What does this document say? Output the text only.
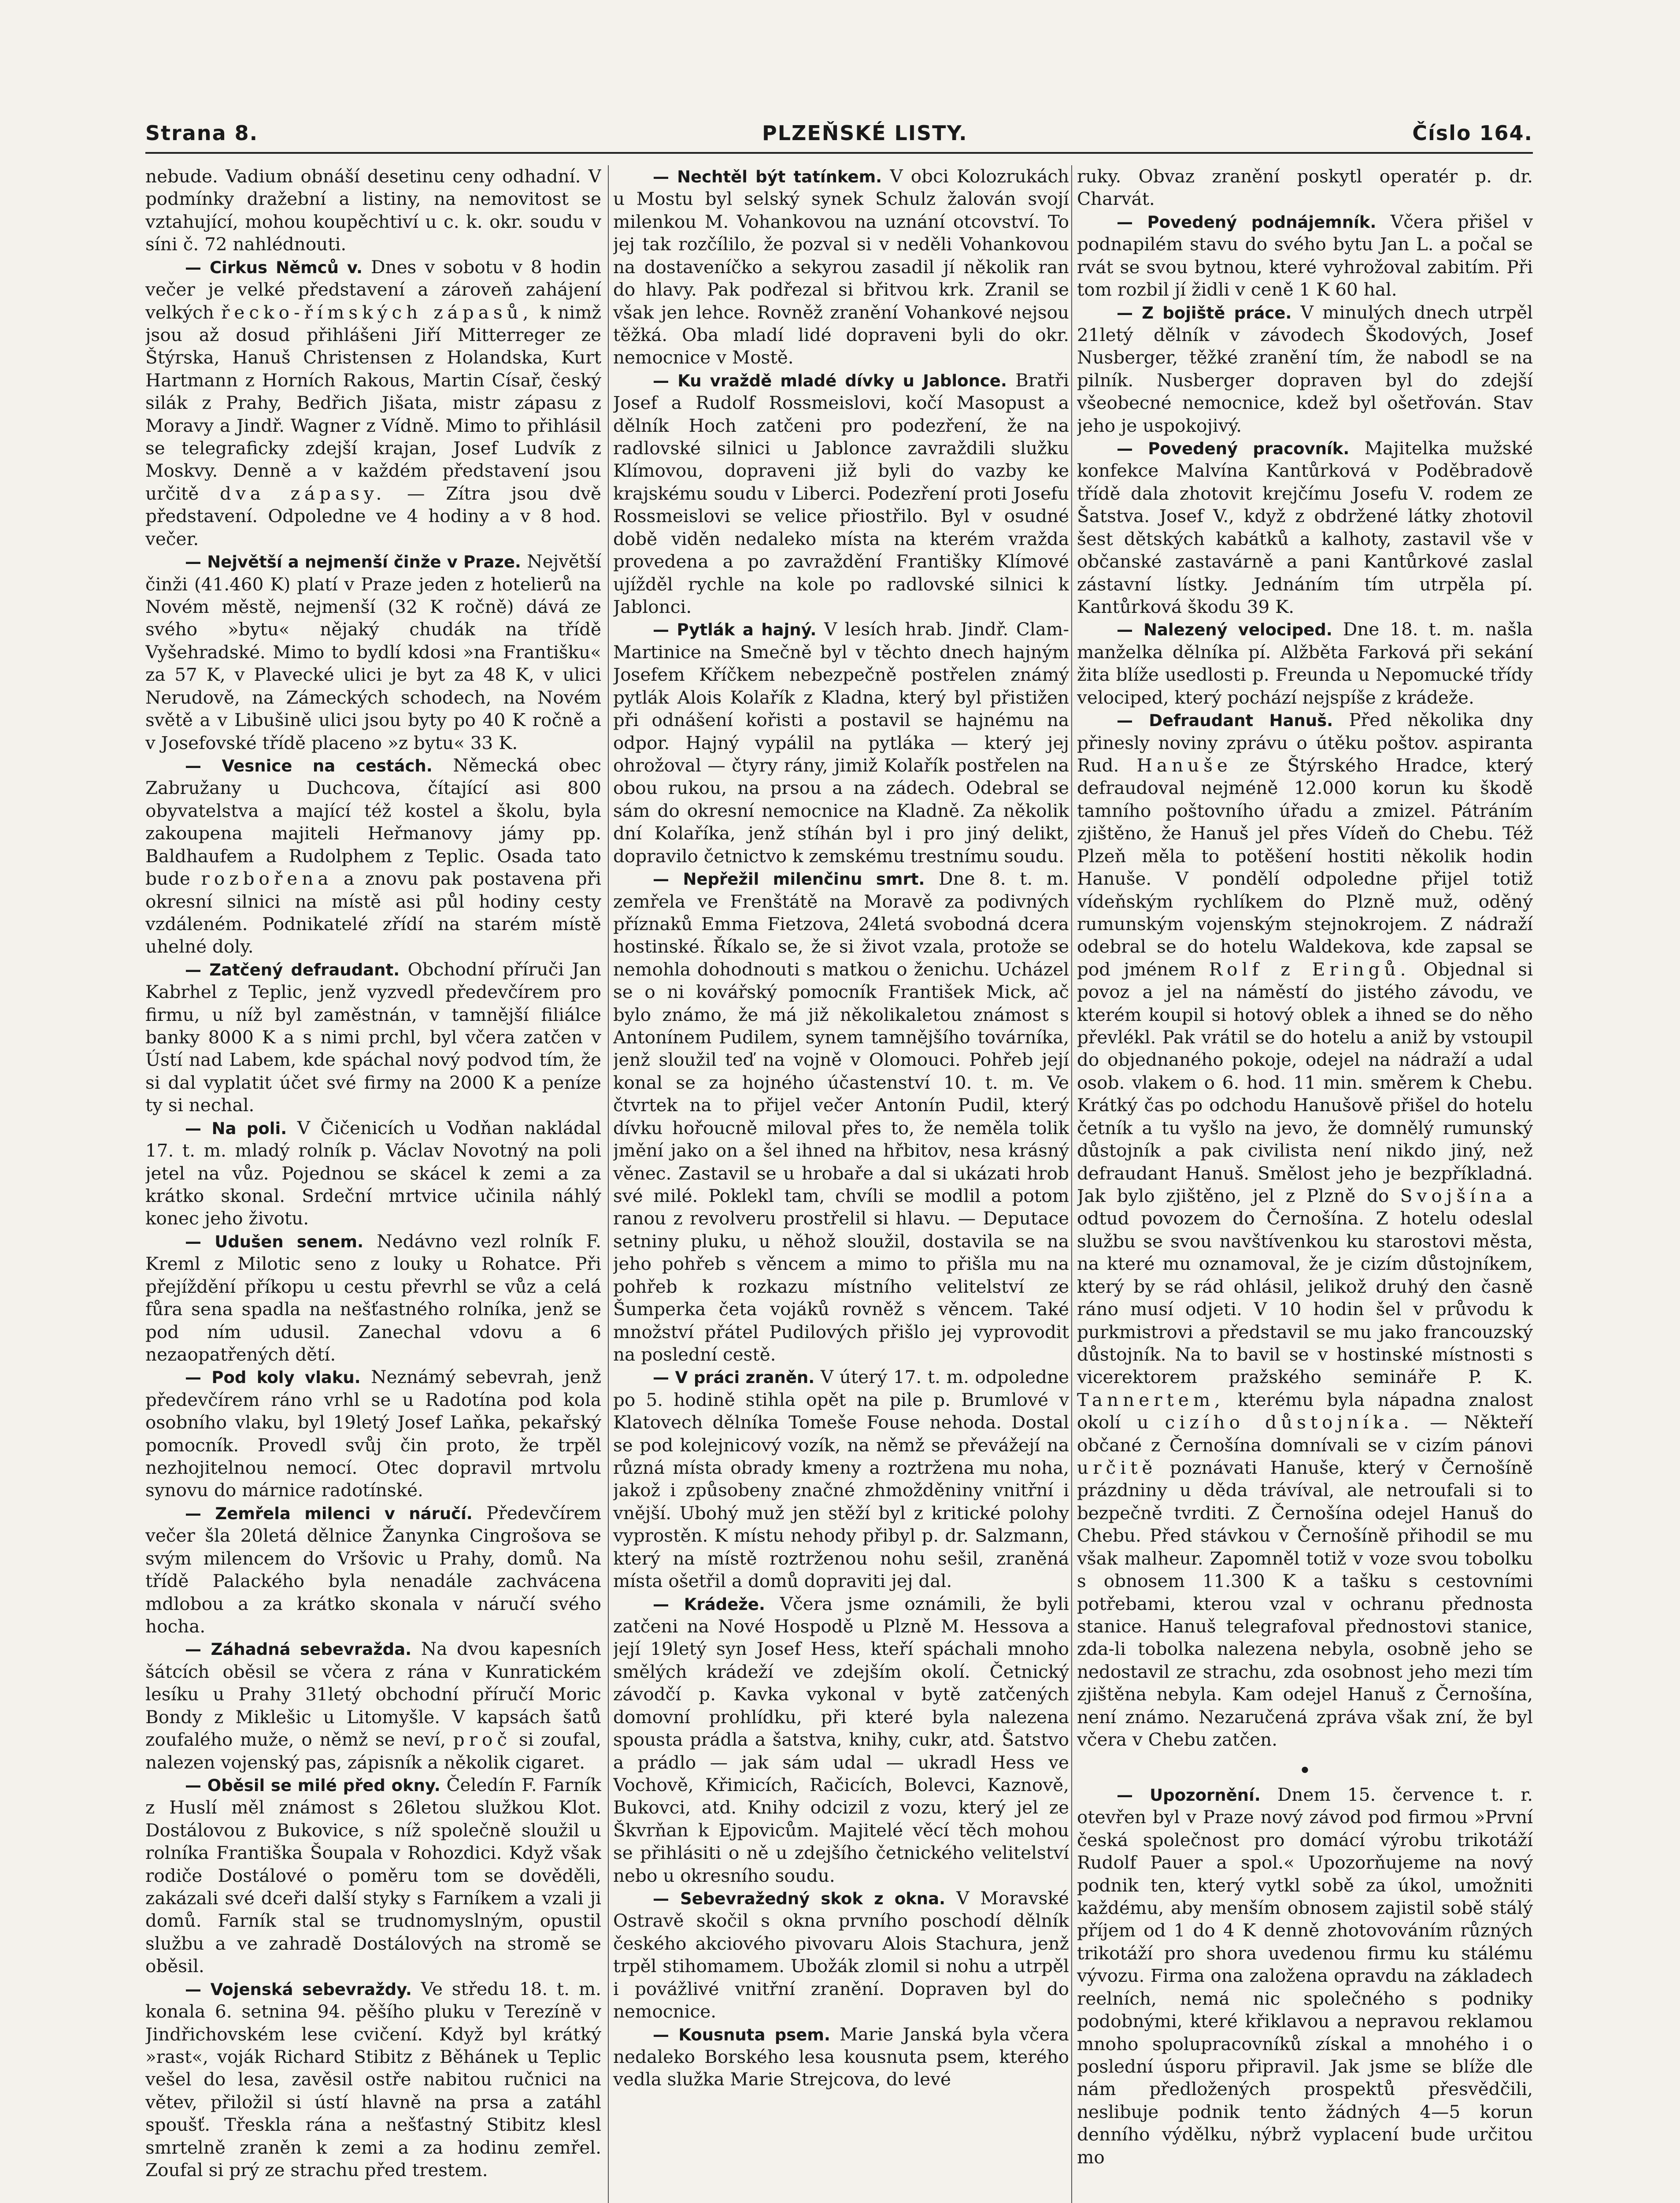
Strana 8.	PLZEŇSKÉ LISTY.	Číslo 164.

nebude. Vadium obnáší desetinu ceny odhadní. V podmínky dražební a listiny, na nemovitost se vztahující, mohou koupěchtiví u c. k. okr. soudu v síni č. 72 nahlédnouti.

— Cirkus Němců v. Dnes v sobotu v 8 hodin večer je velké představení a zároveň zahájení velkých řecko-římských zápasů, k nimž jsou až dosud přihlášeni Jiří Mitterreger ze Štýrska, Hanuš Christensen z Holandska, Kurt Hartmann z Horních Rakous, Martin Císař, český silák z Prahy, Bedřich Jišata, mistr zápasu z Moravy a Jindř. Wagner z Vídně. Mimo to přihlásil se telegraficky zdejší krajan, Josef Ludvík z Moskvy. Denně a v každém představení jsou určitě dva zápasy. — Zítra jsou dvě představení. Odpoledne ve 4 hodiny a v 8 hod. večer.

— Největší a nejmenší činže v Praze. Největší činži (41.460 K) platí v Praze jeden z hotelierů na Novém městě, nejmenší (32 K ročně) dává ze svého »bytu« nějaký chudák na třídě Vyšehradské. Mimo to bydlí kdosi »na Františku« za 57 K, v Plavecké ulici je byt za 48 K, v ulici Nerudově, na Zámeckých schodech, na Novém světě a v Libušině ulici jsou byty po 40 K ročně a v Josefovské třídě placeno »z bytu« 33 K.

— Vesnice na cestách. Německá obec Zabružany u Duchcova, čítající asi 800 obyvatelstva a mající též kostel a školu, byla zakoupena majiteli Heřmanovy jámy pp. Baldhaufem a Rudolphem z Teplic. Osada tato bude rozbořena a znovu pak postavena při okresní silnici na místě asi půl hodiny cesty vzdáleném. Podnikatelé zřídí na starém místě uhelné doly.

— Zatčený defraudant. Obchodní příruči Jan Kabrhel z Teplic, jenž vyzvedl předevčírem pro firmu, u níž byl zaměstnán, v tamnější filiálce banky 8000 K a s nimi prchl, byl včera zatčen v Ústí nad Labem, kde spáchal nový podvod tím, že si dal vyplatit účet své firmy na 2000 K a peníze ty si nechal.

— Na poli. V Čičenicích u Vodňan nakládal 17. t. m. mladý rolník p. Václav Novotný na poli jetel na vůz. Pojednou se skácel k zemi a za krátko skonal. Srdeční mrtvice učinila náhlý konec jeho životu.

— Udušen senem. Nedávno vezl rolník F. Kreml z Milotic seno z louky u Rohatce. Při přejíždění příkopu u cestu převrhl se vůz a celá fůra sena spadla na nešťastného rolníka, jenž se pod ním udusil. Zanechal vdovu a 6 nezaopatřených dětí.

— Pod koly vlaku. Neznámý sebevrah, jenž předevčírem ráno vrhl se u Radotína pod kola osobního vlaku, byl 19letý Josef Laňka, pekařský pomocník. Provedl svůj čin proto, že trpěl nezhojitelnou nemocí. Otec dopravil mrtvolu synovu do márnice radotínské.

— Zemřela milenci v náručí. Předevčírem večer šla 20letá dělnice Žanynka Cingrošova se svým milencem do Vršovic u Prahy, domů. Na třídě Palackého byla nenadále zachvácena mdlobou a za krátko skonala v náručí svého hocha.

— Záhadná sebevražda. Na dvou kapesních šátcích oběsil se včera z rána v Kunratickém lesíku u Prahy 31letý obchodní příručí Moric Bondy z Miklešic u Litomyšle. V kapsách šatů zoufalého muže, o němž se neví, proč si zoufal, nalezen vojenský pas, zápisník a několik cigaret.

— Oběsil se milé před okny. Čeledín F. Farník z Huslí měl známost s 26letou služkou Klot. Dostálovou z Bukovice, s níž společně sloužil u rolníka Františka Šoupala v Rohozdici. Když však rodiče Dostálové o poměru tom se dověděli, zakázali své dceři další styky s Farníkem a vzali ji domů. Farník stal se trudnomyslným, opustil službu a ve zahradě Dostálových na stromě se oběsil.

— Vojenská sebevraždy. Ve středu 18. t. m. konala 6. setnina 94. pěšího pluku v Terezíně v Jindřichovském lese cvičení. Když byl krátký »rast«, voják Richard Stibitz z Běhánek u Teplic vešel do lesa, zavěsil ostře nabitou ručnici na větev, přiložil si ústí hlavně na prsa a zatáhl spoušť. Třeskla rána a nešťastný Stibitz klesl smrtelně zraněn k zemi a za hodinu zemřel. Zoufal si prý ze strachu před trestem.

— Nechtěl být tatínkem. V obci Kolozrukách u Mostu byl selský synek Schulz žalován svojí milenkou M. Vohankovou na uznání otcovství. To jej tak rozčílilo, že pozval si v neděli Vohankovou na dostaveníčko a sekyrou zasadil jí několik ran do hlavy. Pak podřezal si břitvou krk. Zranil se však jen lehce. Rovněž zranění Vohankové nejsou těžká. Oba mladí lidé dopraveni byli do okr. nemocnice v Mostě.

— Ku vraždě mladé dívky u Jablonce. Bratři Josef a Rudolf Rossmeislovi, kočí Masopust a dělník Hoch zatčeni pro podezření, že na radlovské silnici u Jablonce zavraždili služku Klímovou, dopraveni již byli do vazby ke krajskému soudu v Liberci. Podezření proti Josefu Rossmeislovi se velice přiostřilo. Byl v osudné době viděn nedaleko místa na kterém vražda provedena a po zavraždění Františky Klímové ujížděl rychle na kole po radlovské silnici k Jablonci.

— Pytlák a hajný. V lesích hrab. Jindř. Clam-Martinice na Smečně byl v těchto dnech hajným Josefem Kříčkem nebezpečně postřelen známý pytlák Alois Kolařík z Kladna, který byl přistižen při odnášení kořisti a postavil se hajnému na odpor. Hajný vypálil na pytláka — který jej ohrožoval — čtyry rány, jimiž Kolařík postřelen na obou rukou, na prsou a na zádech. Odebral se sám do okresní nemocnice na Kladně. Za několik dní Kolaříka, jenž stíhán byl i pro jiný delikt, dopravilo četnictvo k zemskému trestnímu soudu.

— Nepřežil milenčinu smrt. Dne 8. t. m. zemřela ve Frenštátě na Moravě za podivných příznaků Emma Fietzova, 24letá svobodná dcera hostinské. Říkalo se, že si život vzala, protože se nemohla dohodnouti s matkou o ženichu. Ucházel se o ni kovářský pomocník František Mick, ač bylo známo, že má již několikaletou známost s Antonínem Pudilem, synem tamnějšího továrníka, jenž sloužil teď na vojně v Olomouci. Pohřeb její konal se za hojného účastenství 10. t. m. Ve čtvrtek na to přijel večer Antonín Pudil, který dívku hořoucně miloval přes to, že neměla tolik jmění jako on a šel ihned na hřbitov, nesa krásný věnec. Zastavil se u hrobaře a dal si ukázati hrob své milé. Poklekl tam, chvíli se modlil a potom ranou z revolveru prostřelil si hlavu. — Deputace setniny pluku, u něhož sloužil, dostavila se na jeho pohřeb s věncem a mimo to přišla mu na pohřeb k rozkazu místního velitelství ze Šumperka četa vojáků rovněž s věncem. Také množství přátel Pudilových přišlo jej vyprovodit na poslední cestě.

— V práci zraněn. V úterý 17. t. m. odpoledne po 5. hodině stihla opět na pile p. Brumlové v Klatovech dělníka Tomeše Fouse nehoda. Dostal se pod kolejnicový vozík, na němž se převážejí na různá místa obrady kmeny a roztržena mu noha, jakož i způsobeny značné zhmožděniny vnitřní i vnější. Ubohý muž jen stěží byl z kritické polohy vyprostěn. K místu nehody přibyl p. dr. Salzmann, který na místě roztrženou nohu sešil, zraněná místa ošetřil a domů dopraviti jej dal.

— Krádeže. Včera jsme oznámili, že byli zatčeni na Nové Hospodě u Plzně M. Hessova a její 19letý syn Josef Hess, kteří spáchali mnoho smělých krádeží ve zdejším okolí. Četnický závodčí p. Kavka vykonal v bytě zatčených domovní prohlídku, při které byla nalezena spousta prádla a šatstva, knihy, cukr, atd. Šatstvo a prádlo — jak sám udal — ukradl Hess ve Vochově, Křimicích, Račicích, Bolevci, Kaznově, Bukovci, atd. Knihy odcizil z vozu, který jel ze Škvrňan k Ejpovicům. Majitelé věcí těch mohou se přihlásiti o ně u zdejšího četnického velitelství nebo u okresního soudu.

— Sebevražedný skok z okna. V Moravské Ostravě skočil s okna prvního poschodí dělník českého akciového pivovaru Alois Stachura, jenž trpěl stihomamem. Ubožák zlomil si nohu a utrpěl i povážlivé vnitřní zranění. Dopraven byl do nemocnice.

— Kousnuta psem. Marie Janská byla včera nedaleko Borského lesa kousnuta psem, kterého vedla služka Marie Strejcova, do levé

ruky. Obvaz zranění poskytl operatér p. dr. Charvát.

— Povedený podnájemník. Včera přišel v podnapilém stavu do svého bytu Jan L. a počal se rvát se svou bytnou, které vyhrožoval zabitím. Při tom rozbil jí židli v ceně 1 K 60 hal.

— Z bojiště práce. V minulých dnech utrpěl 21letý dělník v závodech Škodových, Josef Nusberger, těžké zranění tím, že nabodl se na pilník. Nusberger dopraven byl do zdejší všeobecné nemocnice, kdež byl ošetřován. Stav jeho je uspokojivý.

— Povedený pracovník. Majitelka mužské konfekce Malvína Kantůrková v Poděbradově třídě dala zhotovit krejčímu Josefu V. rodem ze Šatstva. Josef V., když z obdržené látky zhotovil šest dětských kabátků a kalhoty, zastavil vše v občanské zastavárně a pani Kantůrkové zaslal zástavní lístky. Jednáním tím utrpěla pí. Kantůrková škodu 39 K.

— Nalezený velociped. Dne 18. t. m. našla manželka dělníka pí. Alžběta Farková při sekání žita blíže usedlosti p. Freunda u Nepomucké třídy velociped, který pochází nejspíše z krádeže.

— Defraudant Hanuš. Před několika dny přinesly noviny zprávu o útěku poštov. aspiranta Rud. Hanuše ze Štýrského Hradce, který defraudoval nejméně 12.000 korun ku škodě tamního poštovního úřadu a zmizel. Pátráním zjištěno, že Hanuš jel přes Vídeň do Chebu. Též Plzeň měla to potěšení hostiti několik hodin Hanuše. V pondělí odpoledne přijel totiž vídeňským rychlíkem do Plzně muž, oděný rumunským vojenským stejnokrojem. Z nádraží odebral se do hotelu Waldekova, kde zapsal se pod jménem Rolf z Eringů. Objednal si povoz a jel na náměstí do jistého závodu, ve kterém koupil si hotový oblek a ihned se do něho převlékl. Pak vrátil se do hotelu a aniž by vstoupil do objednaného pokoje, odejel na nádraží a udal osob. vlakem o 6. hod. 11 min. směrem k Chebu. Krátký čas po odchodu Hanušově přišel do hotelu četník a tu vyšlo na jevo, že domnělý rumunský důstojník a pak civilista není nikdo jiný, než defraudant Hanuš. Smělost jeho je bezpříkladná. Jak bylo zjištěno, jel z Plzně do Svojšína a odtud povozem do Černošína. Z hotelu odeslal službu se svou navštívenkou ku starostovi města, na které mu oznamoval, že je cizím důstojníkem, který by se rád ohlásil, jelikož druhý den časně ráno musí odjeti. V 10 hodin šel v průvodu k purkmistrovi a představil se mu jako francouzský důstojník. Na to bavil se v hostinské místnosti s vicerektorem pražského semináře P. K. Tannertem, kterému byla nápadna znalost okolí u cizího důstojníka. — Někteří občané z Černošína domnívali se v cizím pánovi určitě poznávati Hanuše, který v Černošíně prázdniny u děda trávíval, ale netroufali si to bezpečně tvrditi. Z Černošína odejel Hanuš do Chebu. Před stávkou v Černošíně přihodil se mu však malheur. Zapomněl totiž v voze svou tobolku s obnosem 11.300 K a tašku s cestovními potřebami, kterou vzal v ochranu přednosta stanice. Hanuš telegrafoval přednostovi stanice, zda-li tobolka nalezena nebyla, osobně jeho se nedostavil ze strachu, zda osobnost jeho mezi tím zjištěna nebyla. Kam odejel Hanuš z Černošína, není známo. Nezaručená zpráva však zní, že byl včera v Chebu zatčen.

•

— Upozornění. Dnem 15. července t. r. otevřen byl v Praze nový závod pod firmou »První česká společnost pro domácí výrobu trikotáží Rudolf Pauer a spol.« Upozorňujeme na nový podnik ten, který vytkl sobě za úkol, umožniti každému, aby menším obnosem zajistil sobě stálý příjem od 1 do 4 K denně zhotovováním různých trikotáží pro shora uvedenou firmu ku stálému vývozu. Firma ona založena opravdu na základech reelních, nemá nic společného s podniky podobnými, které křiklavou a nepravou reklamou mnoho spolupracovníků získal a mnohého i o poslední úsporu připravil. Jak jsme se blíže dle nám předložených prospektů přesvědčili, neslibuje podnik tento žádných 4—5 korun denního výdělku, nýbrž vyplacení bude určitou mo
